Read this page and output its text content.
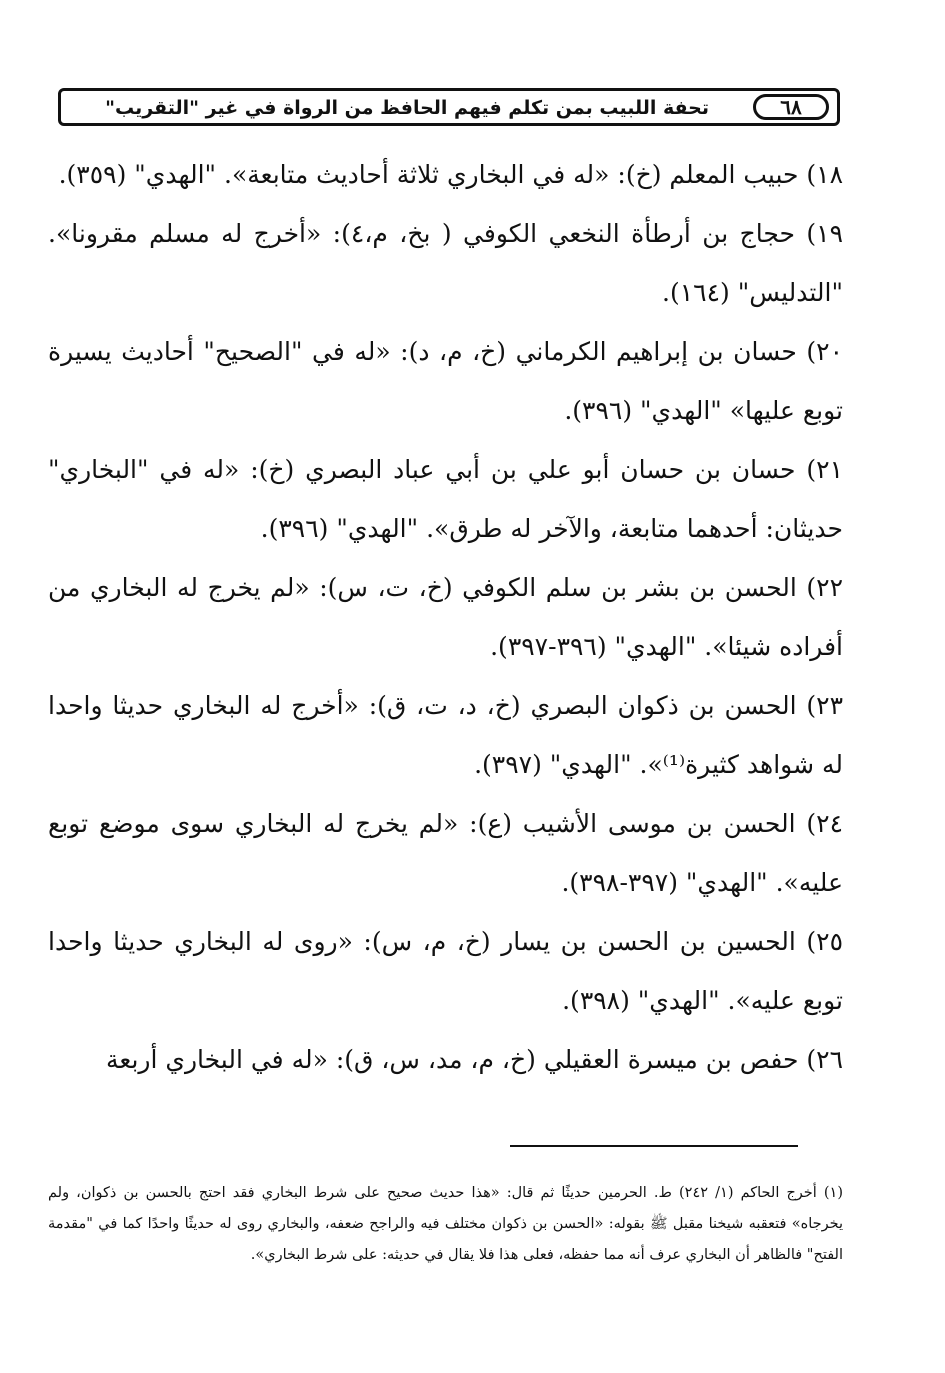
٦٨
تحفة اللبيب بمن تكلم فيهم الحافظ من الرواة في غير "التقريب"

١٨) حبيب المعلم (خ): «له في البخاري ثلاثة أحاديث متابعة». "الهدي" (٣٥٩).

١٩) حجاج بن أرطأة النخعي الكوفي ( بخ، م،٤): «أخرج له مسلم مقرونا». "التدليس" (١٦٤).

٢٠) حسان بن إبراهيم الكرماني (خ، م، د): «له في "الصحيح" أحاديث يسيرة توبع عليها» "الهدي" (٣٩٦).

٢١) حسان بن حسان أبو علي بن أبي عباد البصري (خ): «له في "البخاري" حديثان: أحدهما متابعة، والآخر له طرق». "الهدي" (٣٩٦).

٢٢) الحسن بن بشر بن سلم الكوفي (خ، ت، س): «لم يخرج له البخاري من أفراده شيئا». "الهدي" (٣٩٦-٣٩٧).

٢٣) الحسن بن ذكوان البصري (خ، د، ت، ق): «أخرج له البخاري حديثا واحدا له شواهد كثيرة⁽¹⁾». "الهدي" (٣٩٧).

٢٤) الحسن بن موسى الأشيب (ع): «لم يخرج له البخاري سوى موضع توبع عليه». "الهدي" (٣٩٧-٣٩٨).

٢٥) الحسين بن الحسن بن يسار (خ، م، س): «روى له البخاري حديثا واحدا توبع عليه». "الهدي" (٣٩٨).

٢٦) حفص بن ميسرة العقيلي (خ، م، مد، س، ق): «له في البخاري أربعة

(١) أخرج الحاكم (١/ ٢٤٢) ط. الحرمين حديثًا ثم قال: «هذا حديث صحيح على شرط البخاري فقد احتج بالحسن بن ذكوان، ولم يخرجاه» فتعقبه شيخنا مقبل ﷺ بقوله: «الحسن بن ذكوان مختلف فيه والراجح ضعفه، والبخاري روى له حديثًا واحدًا كما في "مقدمة الفتح" فالظاهر أن البخاري عرف أنه مما حفظه، فعلى هذا فلا يقال في حديثه: على شرط البخاري».
